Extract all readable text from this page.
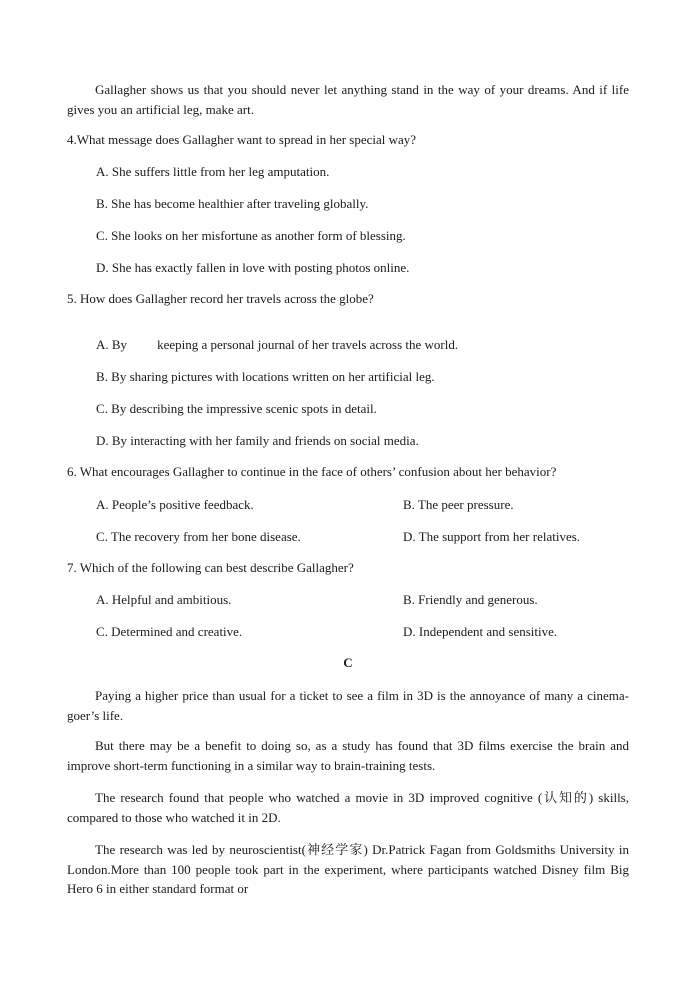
Gallagher shows us that you should never let anything stand in the way of your dreams. And if life gives you an artificial leg, make art.

4.What message does Gallagher want to spread in her special way?

A. She suffers little from her leg amputation.

B. She has become healthier after traveling globally.

C. She looks on her misfortune as another form of blessing.

D. She has exactly fallen in love with posting photos online.

5. How does Gallagher record her travels across the globe?

A. By keeping a personal journal of her travels across the world.

B. By sharing pictures with locations written on her artificial leg.

C. By describing the impressive scenic spots in detail.

D. By interacting with her family and friends on social media.

6. What encourages Gallagher to continue in the face of others’ confusion about her behavior?

A. People’s positive feedback.	B. The peer pressure.

C. The recovery from her bone disease.	D. The support from her relatives.

7. Which of the following can best describe Gallagher?

A. Helpful and ambitious.	B. Friendly and generous.

C. Determined and creative.	D. Independent and sensitive.

C

Paying a higher price than usual for a ticket to see a film in 3D is the annoyance of many a cinema-goer’s life.

But there may be a benefit to doing so, as a study has found that 3D films exercise the brain and improve short-term functioning in a similar way to brain-training tests.

The research found that people who watched a movie in 3D improved cognitive (认知的) skills, compared to those who watched it in 2D.

The research was led by neuroscientist(神经学家) Dr.Patrick Fagan from Goldsmiths University in London.More than 100 people took part in the experiment, where participants watched Disney film Big Hero 6 in either standard format or
